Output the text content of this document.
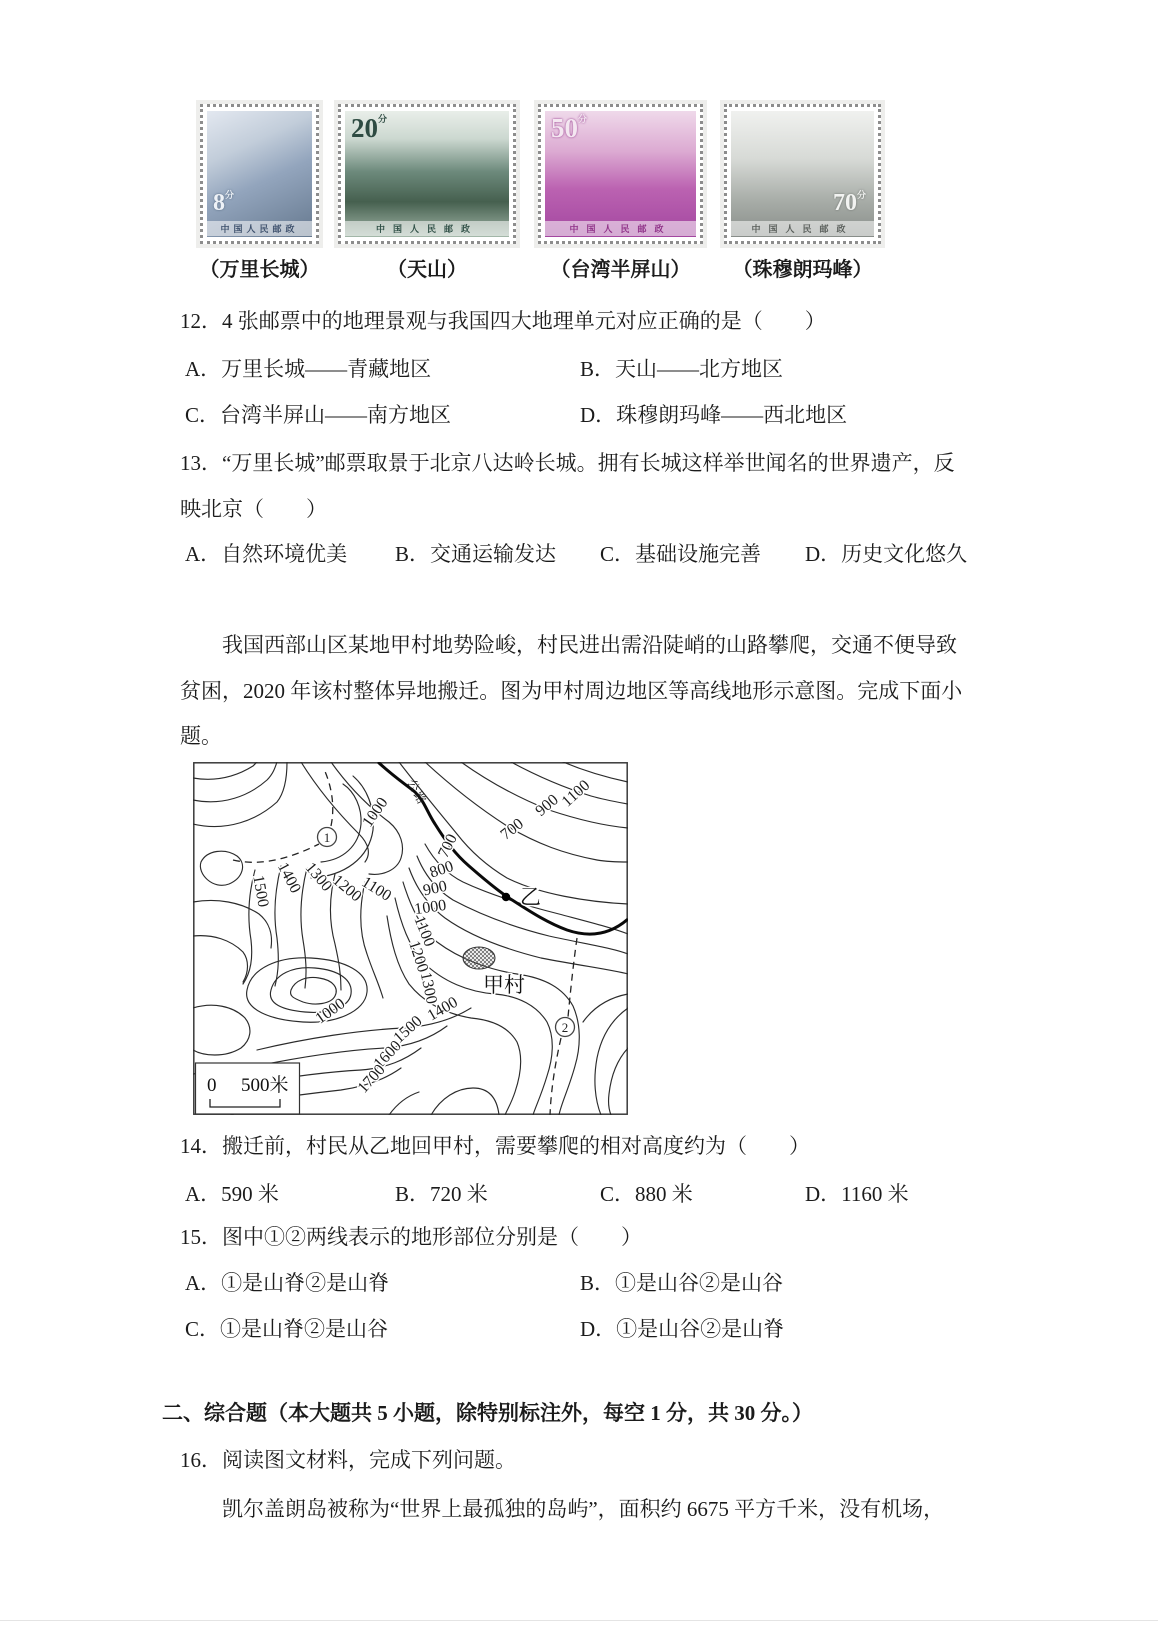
$8^分$
中国人民邮政
（万里长城）
$20^分$
中国人民邮政
（天山）
$50^分$
中国人民邮政
（台湾半屏山）
$70^分$
中国人民邮政
（珠穆朗玛峰）
12．4 张邮票中的地理景观与我国四大地理单元对应正确的是（　　）
A．万里长城——青藏地区	B．天山——北方地区
C．台湾半屏山——南方地区	D．珠穆朗玛峰——西北地区
13．“万里长城”邮票取景于北京八达岭长城。拥有长城这样举世闻名的世界遗产，反
映北京（　　）
A．自然环境优美 B．交通运输发达 C．基础设施完善 D．历史文化悠久
我国西部山区某地甲村地势险峻，村民进出需沿陡峭的山路攀爬，交通不便导致
贫困，2020 年该村整体异地搬迁。图为甲村周边地区等高线地形示意图。完成下面小
题。
1
2
乙
甲村
公路
1000
1100
900
700
700
800
900
1000
1500 1400
1300
1200
1100
1100
1200
1300
1400
1000
1500
1600
1700
0 500米
14．搬迁前，村民从乙地回甲村，需要攀爬的相对高度约为（　　）
A．590 米	B．720 米	C．880 米	D．1160 米
15．图中①②两线表示的地形部位分别是（　　）
A．①是山脊②是山脊	B．①是山谷②是山谷
C．①是山脊②是山谷	D．①是山谷②是山脊
二、综合题（本大题共 5 小题，除特别标注外，每空 1 分，共 30 分。）
16．阅读图文材料，完成下列问题。
凯尔盖朗岛被称为“世界上最孤独的岛屿”，面积约 6675 平方千米，没有机场，
